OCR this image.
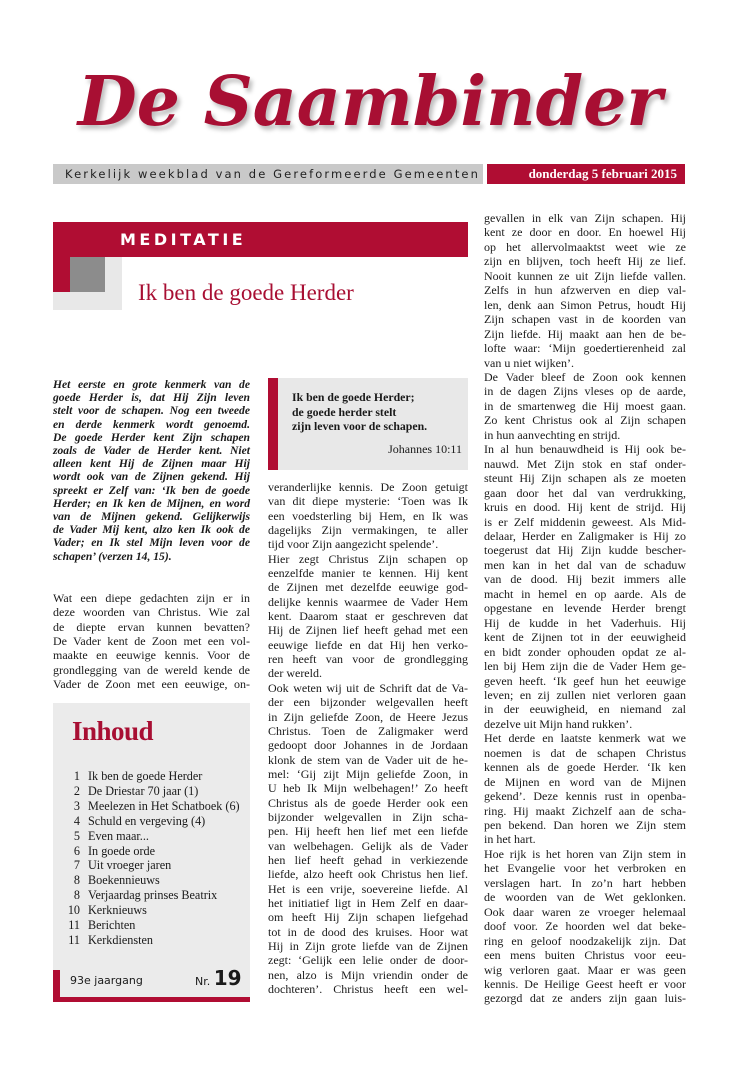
De Saambinder
Kerkelijk weekblad van de Gereformeerde Gemeenten	donderdag 5 februari 2015
MEDITATIE
Ik ben de goede Herder
Het eerste en grote kenmerk van de
goede Herder is, dat Hij Zijn leven
stelt voor de schapen. Nog een tweede
en derde kenmerk wordt genoemd.
De goede Herder kent Zijn schapen
zoals de Vader de Herder kent. Niet
alleen kent Hij de Zijnen maar Hij
wordt ook van de Zijnen gekend. Hij
spreekt er Zelf van: ‘Ik ben de goede
Herder; en Ik ken de Mijnen, en word
van de Mijnen gekend. Gelijkerwijs
de Vader Mij kent, alzo ken Ik ook de
Vader; en Ik stel Mijn leven voor de
schapen’ (verzen 14, 15).
Wat een diepe gedachten zijn er in
deze woorden van Christus. Wie zal
de diepte ervan kunnen bevatten?
De Vader kent de Zoon met een vol-
maakte en eeuwige kennis. Voor de
grondlegging van de wereld kende de
Vader de Zoon met een eeuwige, on-
Ik ben de goede Herder;
de goede herder stelt
zijn leven voor de schapen.
Johannes 10:11
veranderlijke kennis. De Zoon getuigt
van dit diepe mysterie: ‘Toen was Ik
een voedsterling bij Hem, en Ik was
dagelijks Zijn vermakingen, te aller
tijd voor Zijn aangezicht spelende’.
Hier zegt Christus Zijn schapen op
eenzelfde manier te kennen. Hij kent
de Zijnen met dezelfde eeuwige god-
delijke kennis waarmee de Vader Hem
kent. Daarom staat er geschreven dat
Hij de Zijnen lief heeft gehad met een
eeuwige liefde en dat Hij hen verko-
ren heeft van voor de grondlegging
der wereld.
Ook weten wij uit de Schrift dat de Va-
der een bijzonder welgevallen heeft
in Zijn geliefde Zoon, de Heere Jezus
Christus. Toen de Zaligmaker werd
gedoopt door Johannes in de Jordaan
klonk de stem van de Vader uit de he-
mel: ‘Gij zijt Mijn geliefde Zoon, in
U heb Ik Mijn welbehagen!’ Zo heeft
Christus als de goede Herder ook een
bijzonder welgevallen in Zijn scha-
pen. Hij heeft hen lief met een liefde
van welbehagen. Gelijk als de Vader
hen lief heeft gehad in verkiezende
liefde, alzo heeft ook Christus hen lief.
Het is een vrije, soevereine liefde. Al
het initiatief ligt in Hem Zelf en daar-
om heeft Hij Zijn schapen liefgehad
tot in de dood des kruises. Hoor wat
Hij in Zijn grote liefde van de Zijnen
zegt: ‘Gelijk een lelie onder de door-
nen, alzo is Mijn vriendin onder de
dochteren’. Christus heeft een wel-
gevallen in elk van Zijn schapen. Hij
kent ze door en door. En hoewel Hij
op het allervolmaaktst weet wie ze
zijn en blijven, toch heeft Hij ze lief.
Nooit kunnen ze uit Zijn liefde vallen.
Zelfs in hun afzwerven en diep val-
len, denk aan Simon Petrus, houdt Hij
Zijn schapen vast in de koorden van
Zijn liefde. Hij maakt aan hen de be-
lofte waar: ‘Mijn goedertierenheid zal
van u niet wijken’.
De Vader bleef de Zoon ook kennen
in de dagen Zijns vleses op de aarde,
in de smartenweg die Hij moest gaan.
Zo kent Christus ook al Zijn schapen
in hun aanvechting en strijd.
In al hun benauwdheid is Hij ook be-
nauwd. Met Zijn stok en staf onder-
steunt Hij Zijn schapen als ze moeten
gaan door het dal van verdrukking,
kruis en dood. Hij kent de strijd. Hij
is er Zelf middenin geweest. Als Mid-
delaar, Herder en Zaligmaker is Hij zo
toegerust dat Hij Zijn kudde bescher-
men kan in het dal van de schaduw
van de dood. Hij bezit immers alle
macht in hemel en op aarde. Als de
opgestane en levende Herder brengt
Hij de kudde in het Vaderhuis. Hij
kent de Zijnen tot in der eeuwigheid
en bidt zonder ophouden opdat ze al-
len bij Hem zijn die de Vader Hem ge-
geven heeft. ‘Ik geef hun het eeuwige
leven; en zij zullen niet verloren gaan
in der eeuwigheid, en niemand zal
dezelve uit Mijn hand rukken’.
Het derde en laatste kenmerk wat we
noemen is dat de schapen Christus
kennen als de goede Herder. ‘Ik ken
de Mijnen en word van de Mijnen
gekend’. Deze kennis rust in openba-
ring. Hij maakt Zichzelf aan de scha-
pen bekend. Dan horen we Zijn stem
in het hart.
Hoe rijk is het horen van Zijn stem in
het Evangelie voor het verbroken en
verslagen hart. In zo’n hart hebben
de woorden van de Wet geklonken.
Ook daar waren ze vroeger helemaal
doof voor. Ze hoorden wel dat beke-
ring en geloof noodzakelijk zijn. Dat
een mens buiten Christus voor eeu-
wig verloren gaat. Maar er was geen
kennis. De Heilige Geest heeft er voor
gezorgd dat ze anders zijn gaan luis-
Inhoud
1 Ik ben de goede Herder
2 De Driestar 70 jaar (1)
3 Meelezen in Het Schatboek (6)
4 Schuld en vergeving (4)
5 Even maar...
6 In goede orde
7 Uit vroeger jaren
8 Boekennieuws
8 Verjaardag prinses Beatrix
10 Kerknieuws
11 Berichten
11 Kerkdiensten
93e jaargang	Nr. 19
